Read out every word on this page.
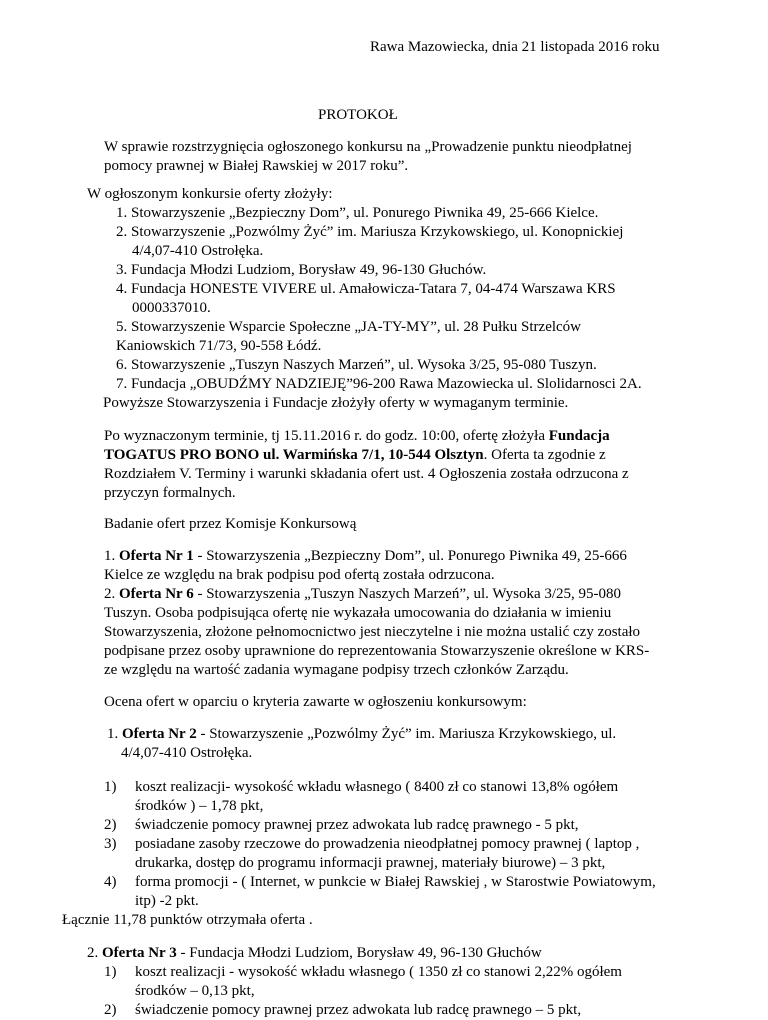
Rawa Mazowiecka, dnia 21 listopada 2016 roku
PROTOKOŁ
W sprawie rozstrzygnięcia ogłoszonego konkursu na „Prowadzenie punktu nieodpłatnej
pomocy prawnej w Białej Rawskiej w 2017 roku”.
W ogłoszonym konkursie oferty złożyły:
1. Stowarzyszenie „Bezpieczny Dom”, ul. Ponurego Piwnika 49, 25-666 Kielce.
2. Stowarzyszenie „Pozwólmy Żyć” im. Mariusza Krzykowskiego, ul. Konopnickiej
4/4,07-410 Ostrołęka.
3. Fundacja Młodzi Ludziom, Borysław 49, 96-130 Głuchów.
4. Fundacja HONESTE VIVERE ul. Amałowicza-Tatara 7, 04-474 Warszawa KRS
0000337010.
5. Stowarzyszenie Wsparcie Społeczne „JA-TY-MY”, ul. 28 Pułku Strzelców
Kaniowskich 71/73, 90-558 Łódź.
6. Stowarzyszenie „Tuszyn Naszych Marzeń”, ul. Wysoka 3/25, 95-080 Tuszyn.
7. Fundacja „OBUDŹMY NADZIEJĘ”96-200 Rawa Mazowiecka ul. Slolidarnosci 2A.
Powyższe Stowarzyszenia i Fundacje złożyły oferty w wymaganym terminie.
Po wyznaczonym terminie, tj 15.11.2016 r. do godz. 10:00, ofertę złożyła Fundacja
TOGATUS PRO BONO ul. Warmińska 7/1, 10-544 Olsztyn. Oferta ta zgodnie z
Rozdziałem V. Terminy i warunki składania ofert ust. 4 Ogłoszenia została odrzucona z
przyczyn formalnych.
Badanie ofert przez Komisje Konkursową
1. Oferta Nr 1 - Stowarzyszenia „Bezpieczny Dom”, ul. Ponurego Piwnika 49, 25-666
Kielce ze względu na brak podpisu pod ofertą została odrzucona.
2. Oferta Nr 6 - Stowarzyszenia „Tuszyn Naszych Marzeń”, ul. Wysoka 3/25, 95-080
Tuszyn. Osoba podpisująca ofertę nie wykazała umocowania do działania w imieniu
Stowarzyszenia, złożone pełnomocnictwo jest nieczytelne i nie można ustalić czy zostało
podpisane przez osoby uprawnione do reprezentowania Stowarzyszenie określone w KRS-
ze względu na wartość zadania wymagane podpisy trzech członków Zarządu.
Ocena ofert w oparciu o kryteria zawarte w ogłoszeniu konkursowym:
1. Oferta Nr 2 - Stowarzyszenie „Pozwólmy Żyć” im. Mariusza Krzykowskiego, ul.
4/4,07-410 Ostrołęka.
1) koszt realizacji- wysokość wkładu własnego ( 8400 zł co stanowi 13,8% ogółem
środków ) – 1,78 pkt,
2) świadczenie pomocy prawnej przez adwokata lub radcę prawnego - 5 pkt,
3) posiadane zasoby rzeczowe do prowadzenia nieodpłatnej pomocy prawnej ( laptop ,
drukarka, dostęp do programu informacji prawnej, materiały biurowe) – 3 pkt,
4) forma promocji - ( Internet, w punkcie w Białej Rawskiej , w Starostwie Powiatowym,
itp) -2 pkt.
Łącznie 11,78 punktów otrzymała oferta .
2. Oferta Nr 3 - Fundacja Młodzi Ludziom, Borysław 49, 96-130 Głuchów
1) koszt realizacji - wysokość wkładu własnego ( 1350 zł co stanowi 2,22% ogółem
środków – 0,13 pkt,
2) świadczenie pomocy prawnej przez adwokata lub radcę prawnego – 5 pkt,
